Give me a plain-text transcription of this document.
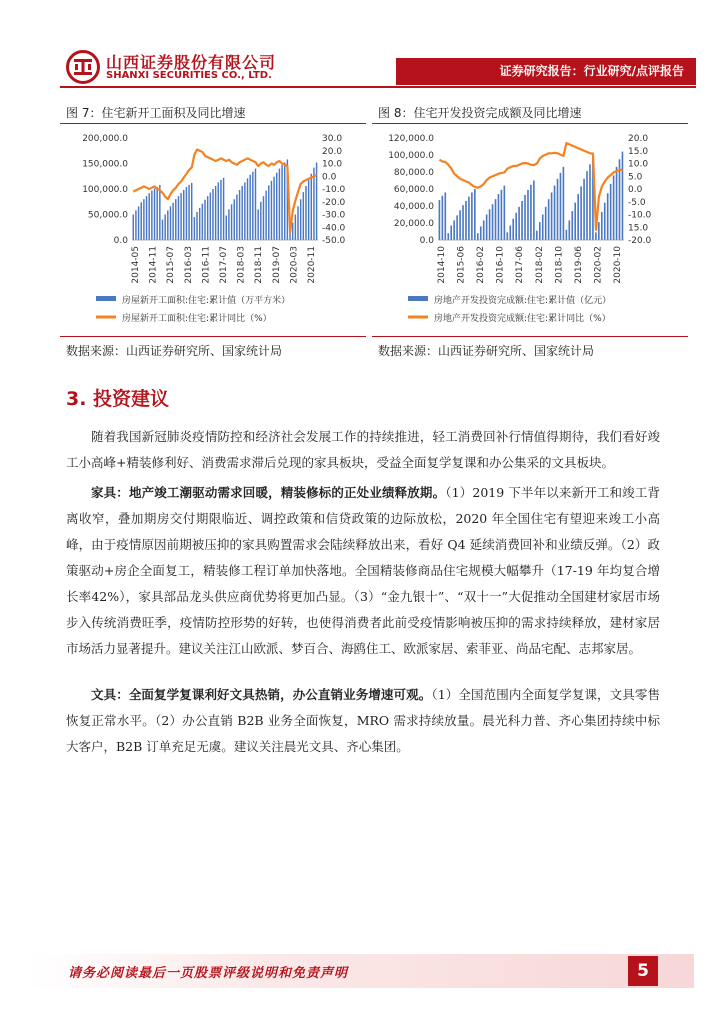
山西证券股份有限公司
SHANXI SECURITIES CO., LTD.	证券研究报告：行业研究/点评报告
图 7：住宅新开工面积及同比增速
200,000.0
150,000.0
100,000.0
50,000.0
0.0
30.0
20.0
10.0
0.0
-10.0
-20.0
-30.0
-40.0
-50.0
2014-05 2014-11 2015-07 2016-03 2016-11 2017-07 2018-03 2018-11 2019-07 2020-03 2020-11
房屋新开工面积:住宅:累计值（万平方米）
房屋新开工面积:住宅:累计同比（%）
数据来源：山西证券研究所、国家统计局
图 8：住宅开发投资完成额及同比增速
120,000.0
100,000.0
80,000.0
60,000.0
40,000.0
20,000.0
0.0
20.0
15.0
10.0
5.0
0.0
-5.0
-10.0
15.0
-20.0
2014-10 2015-06 2016-02 2016-10 2017-06 2018-02 2018-10 2019-06 2020-02 2020-10
房地产开发投资完成额:住宅:累计值（亿元）
房地产开发投资完成额:住宅:累计同比（%）
数据来源：山西证券研究所、国家统计局
3. 投资建议
随着我国新冠肺炎疫情防控和经济社会发展工作的持续推进，轻工消费回补行情值得期待，我们看好竣工小高峰+精装修利好、消费需求滞后兑现的家具板块，受益全面复学复课和办公集采的文具板块。
家具：地产竣工潮驱动需求回暖，精装修标的正处业绩释放期。（1）2019 下半年以来新开工和竣工背离收窄，叠加期房交付期限临近、调控政策和信贷政策的边际放松，2020 年全国住宅有望迎来竣工小高峰，由于疫情原因前期被压抑的家具购置需求会陆续释放出来，看好 Q4 延续消费回补和业绩反弹。（2）政策驱动+房企全面复工，精装修工程订单加快落地。全国精装修商品住宅规模大幅攀升（17-19 年均复合增长率42%），家具部品龙头供应商优势将更加凸显。（3）“金九银十”、“双十一”大促推动全国建材家居市场步入传统消费旺季，疫情防控形势的好转，也使得消费者此前受疫情影响被压抑的需求持续释放，建材家居市场活力显著提升。建议关注江山欧派、梦百合、海鸥住工、欧派家居、索菲亚、尚品宅配、志邦家居。
文具：全面复学复课利好文具热销，办公直销业务增速可观。（1）全国范围内全面复学复课，文具零售恢复正常水平。（2）办公直销 B2B 业务全面恢复，MRO 需求持续放量。晨光科力普、齐心集团持续中标大客户，B2B 订单充足无虞。建议关注晨光文具、齐心集团。
请务必阅读最后一页股票评级说明和免责声明	5
